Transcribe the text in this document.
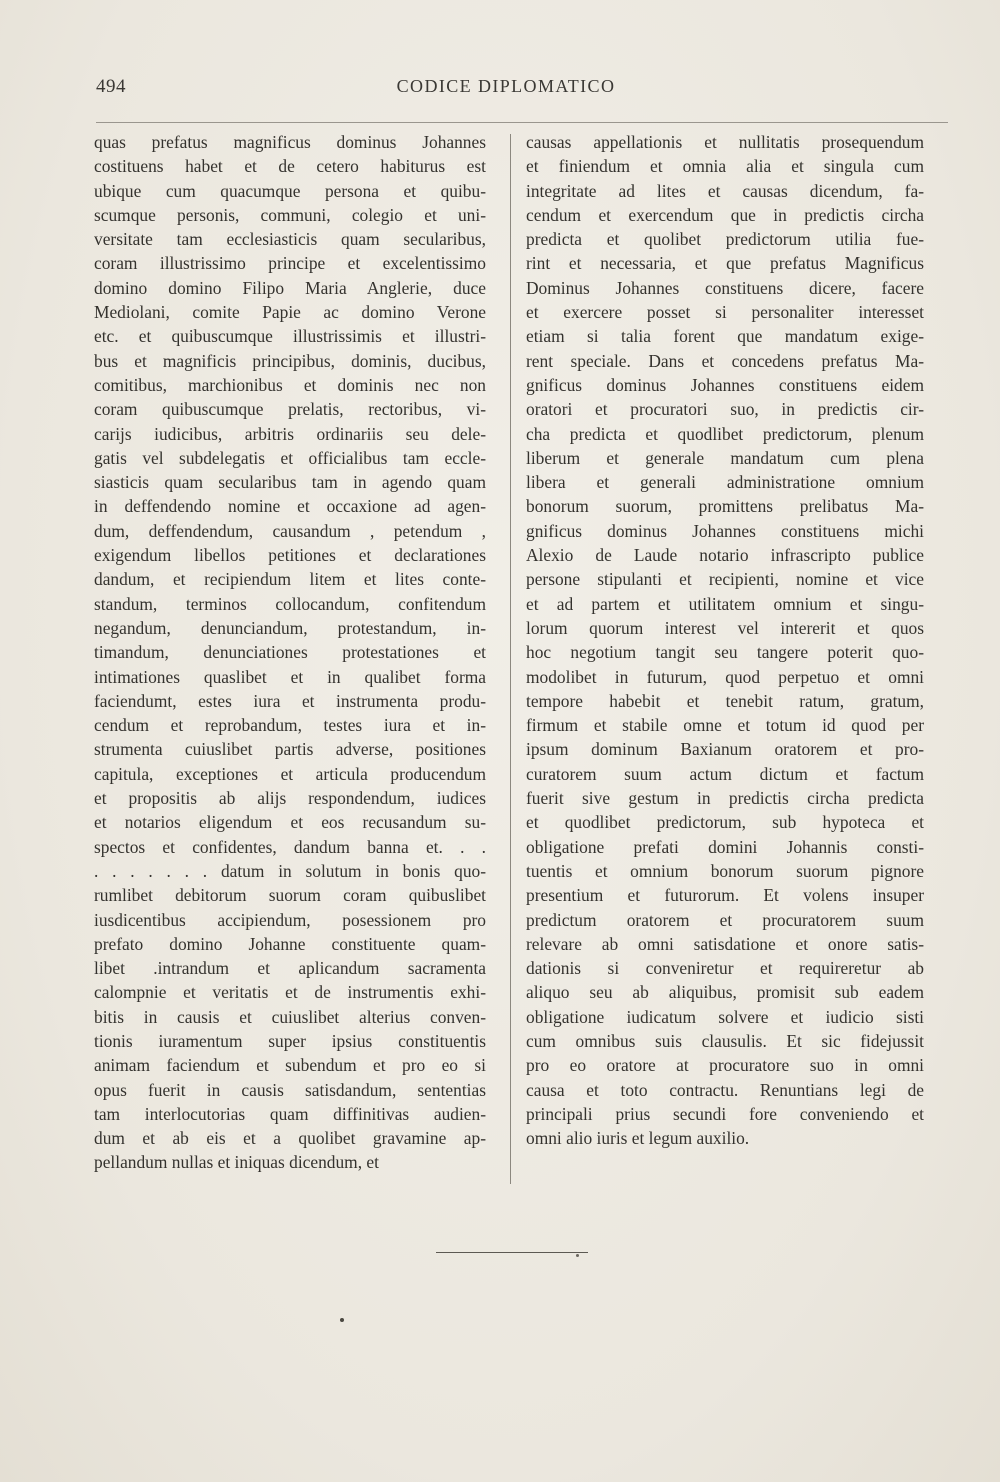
494	CODICE DIPLOMATICO

quas prefatus magnificus dominus Johannes

costituens habet et de cetero habiturus est

ubique cum quacumque persona et quibu-

scumque personis, communi, colegio et uni-

versitate tam ecclesiasticis quam secularibus,

coram illustrissimo principe et excelentissimo

domino domino Filipo Maria Anglerie, duce

Mediolani, comite Papie ac domino Verone

etc. et quibuscumque illustrissimis et illustri-

bus et magnificis principibus, dominis, ducibus,

comitibus, marchionibus et dominis nec non

coram quibuscumque prelatis, rectoribus, vi-

carijs iudicibus, arbitris ordinariis seu dele-

gatis vel subdelegatis et officialibus tam eccle-

siasticis quam secularibus tam in agendo quam

in deffendendo nomine et occaxione ad agen-

dum, deffendendum, causandum , petendum ,

exigendum libellos petitiones et declarationes

dandum, et recipiendum litem et lites conte-

standum, terminos collocandum, confitendum

negandum, denunciandum, protestandum, in-

timandum, denunciationes protestationes et

intimationes quaslibet et in qualibet forma

faciendumt, estes iura et instrumenta produ-

cendum et reprobandum, testes iura et in-

strumenta cuiuslibet partis adverse, positiones

capitula, exceptiones et articula producendum

et propositis ab alijs respondendum, iudices

et notarios eligendum et eos recusandum su-

spectos et confidentes, dandum banna et. . .

. . . . . . . datum in solutum in bonis quo-

rumlibet debitorum suorum coram quibuslibet

iusdicentibus accipiendum, posessionem pro

prefato domino Johanne constituente quam-

libet .intrandum et aplicandum sacramenta

calompnie et veritatis et de instrumentis exhi-

bitis in causis et cuiuslibet alterius conven-

tionis iuramentum super ipsius constituentis

animam faciendum et subendum et pro eo si

opus fuerit in causis satisdandum, sententias

tam interlocutorias quam diffinitivas audien-

dum et ab eis et a quolibet gravamine ap-

pellandum nullas et iniquas dicendum, et

causas appellationis et nullitatis prosequendum

et finiendum et omnia alia et singula cum

integritate ad lites et causas dicendum, fa-

cendum et exercendum que in predictis circha

predicta et quolibet predictorum utilia fue-

rint et necessaria, et que prefatus Magnificus

Dominus Johannes constituens dicere, facere

et exercere posset si personaliter interesset

etiam si talia forent que mandatum exige-

rent speciale. Dans et concedens prefatus Ma-

gnificus dominus Johannes constituens eidem

oratori et procuratori suo, in predictis cir-

cha predicta et quodlibet predictorum, plenum

liberum et generale mandatum cum plena

libera et generali administratione omnium

bonorum suorum, promittens prelibatus Ma-

gnificus dominus Johannes constituens michi

Alexio de Laude notario infrascripto publice

persone stipulanti et recipienti, nomine et vice

et ad partem et utilitatem omnium et singu-

lorum quorum interest vel intererit et quos

hoc negotium tangit seu tangere poterit quo-

modolibet in futurum, quod perpetuo et omni

tempore habebit et tenebit ratum, gratum,

firmum et stabile omne et totum id quod per

ipsum dominum Baxianum oratorem et pro-

curatorem suum actum dictum et factum

fuerit sive gestum in predictis circha predicta

et quodlibet predictorum, sub hypoteca et

obligatione prefati domini Johannis consti-

tuentis et omnium bonorum suorum pignore

presentium et futurorum. Et volens insuper

predictum oratorem et procuratorem suum

relevare ab omni satisdatione et onore satis-

dationis si conveniretur et requireretur ab

aliquo seu ab aliquibus, promisit sub eadem

obligatione iudicatum solvere et iudicio sisti

cum omnibus suis clausulis. Et sic fidejussit

pro eo oratore at procuratore suo in omni

causa et toto contractu. Renuntians legi de

principali prius secundi fore conveniendo et

omni alio iuris et legum auxilio.
